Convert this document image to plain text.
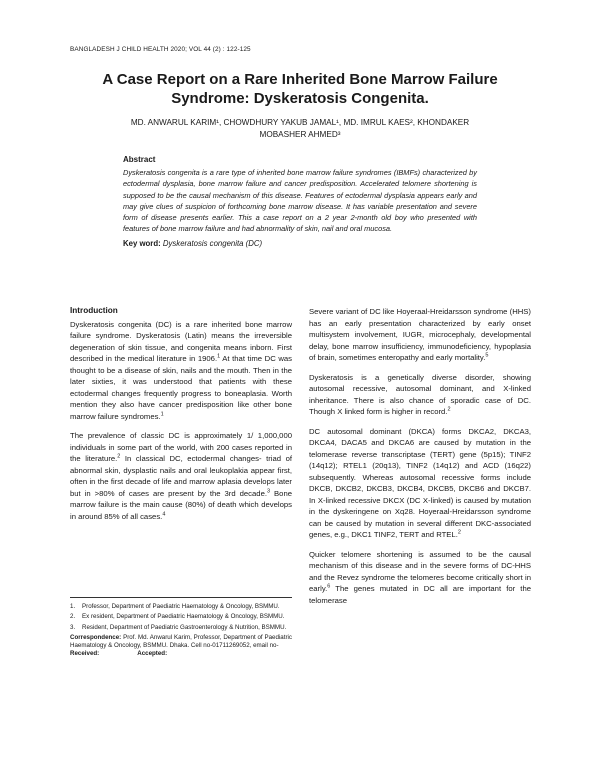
BANGLADESH J CHILD HEALTH 2020; VOL 44 (2) : 122-125
A Case Report on a Rare Inherited Bone Marrow Failure
Syndrome: Dyskeratosis Congenita.
MD. ANWARUL KARIM¹, CHOWDHURY YAKUB JAMAL¹, MD. IMRUL KAES², KHONDAKER
MOBASHER AHMED³
Abstract
Dyskeratosis congenita is a rare type of inherited bone marrow failure syndromes (IBMFs) characterized by ectodermal dysplasia, bone marrow failure and cancer predisposition. Accelerated telomere shortening is supposed to be the causal mechanism of this disease. Features of ectodermal dysplasia appears early and may give clues of suspicion of forthcoming bone marrow disease. It has variable presentation and severe form of disease presents earlier. This a case report on a 2 year 2-month old boy who presented with features of bone marrow failure and had abnormality of skin, nail and oral mucosa.
Key word: Dyskeratosis congenita (DC)
Introduction

Dyskeratosis congenita (DC) is a rare inherited bone marrow failure syndrome. Dyskeratosis (Latin) means the irreversible degeneration of skin tissue, and congenita means inborn. First described in the medical literature in 1906.$^1$ At that time DC was thought to be a disease of skin, nails and the mouth. Then in the later sixties, it was understood that patients with these ectodermal changes frequently progress to boneaplasia. Worth mention they also have cancer predisposition like other bone marrow failure syndromes.$^1$

The prevalence of classic DC is approximately 1/ 1,000,000 individuals in some part of the world, with 200 cases reported in the literature.$^2$ In classical DC, ectodermal changes- triad of abnormal skin, dysplastic nails and oral leukoplakia appear first, often in the first decade of life and marrow aplasia develops later but in >80% of cases are present by the 3rd decade.$^3$ Bone marrow failure is the main cause (80%) of death which develops in around 85% of all cases.$^4$

1.	Professor, Department of Paediatric Haematology & Oncology, BSMMU.
2.	Ex resident, Department of Paediatric Haematology & Oncology, BSMMU.
3.	Resident, Department of Paediatric Gastroenterology & Nutrition, BSMMU.
Correspondence: Prof. Md. Anwarul Karim, Professor, Department of Paediatric Haematology & Oncology, BSMMU. Dhaka. Cell no-01711269052, email no-
Received:	Accepted:

Severe variant of DC like Hoyeraal-Hreidarsson syndrome (HHS) has an early presentation characterized by early onset multisystem involvement, IUGR, microcephaly, developmental delay, bone marrow insufficiency, immunodeficiency, hypoplasia of brain, sometimes enteropathy and early mortality.$^5$

Dyskeratosis is a genetically diverse disorder, showing autosomal recessive, autosomal dominant, and X-linked inheritance. There is also chance of sporadic case of DC. Though X linked form is higher in record.$^2$

DC autosomal dominant (DKCA) forms DKCA2, DKCA3, DKCA4, DACA5 and DKCA6 are caused by mutation in the telomerase reverse transcriptase (TERT) gene (5p15); TINF2 (14q12); RTEL1 (20q13), TINF2 (14q12) and ACD (16q22) subsequently. Whereas autosomal recessive forms include DKCB, DKCB2, DKCB3, DKCB4, DKCB5, DKCB6 and DKCB7. In X-linked recessive DKCX (DC X-linked) is caused by mutation in the dyskeringene on Xq28. Hoyeraal-Hreidarsson syndrome can be caused by mutation in several different DKC-associated genes, e.g., DKC1 TINF2, TERT and RTEL.$^2$

Quicker telomere shortening is assumed to be the causal mechanism of this disease and in the severe forms of DC-HHS and the Revez syndrome the telomeres become critically short in early.$^6$ The genes mutated in DC all are important for the telomerase
